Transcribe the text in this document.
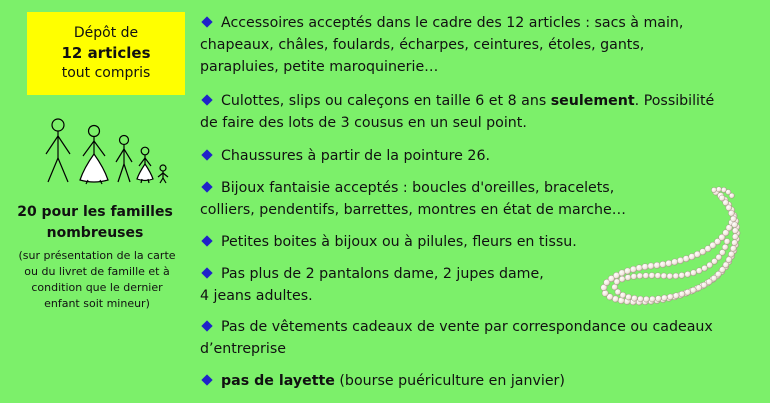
Dépôt de
12 articles
tout compris
20 pour les familles
nombreuses
(sur présentation de la carte
ou du livret de famille et à
condition que le dernier
enfant soit mineur)
Accessoires acceptés dans le cadre des 12 articles : sacs à main,
chapeaux, châles, foulards, écharpes, ceintures, étoles, gants,
parapluies, petite maroquinerie…
Culottes, slips ou caleçons en taille 6 et 8 ans seulement. Possibilité
de faire des lots de 3 cousus en un seul point.
Chaussures à partir de la pointure 26.
Bijoux fantaisie acceptés : boucles d'oreilles, bracelets,
colliers, pendentifs, barrettes, montres en état de marche…
Petites boites à bijoux ou à pilules, fleurs en tissu.
Pas plus de 2 pantalons dame, 2 jupes dame,
4 jeans adultes.
Pas de vêtements cadeaux de vente par correspondance ou cadeaux
d’entreprise
pas de layette (bourse puériculture en janvier)
